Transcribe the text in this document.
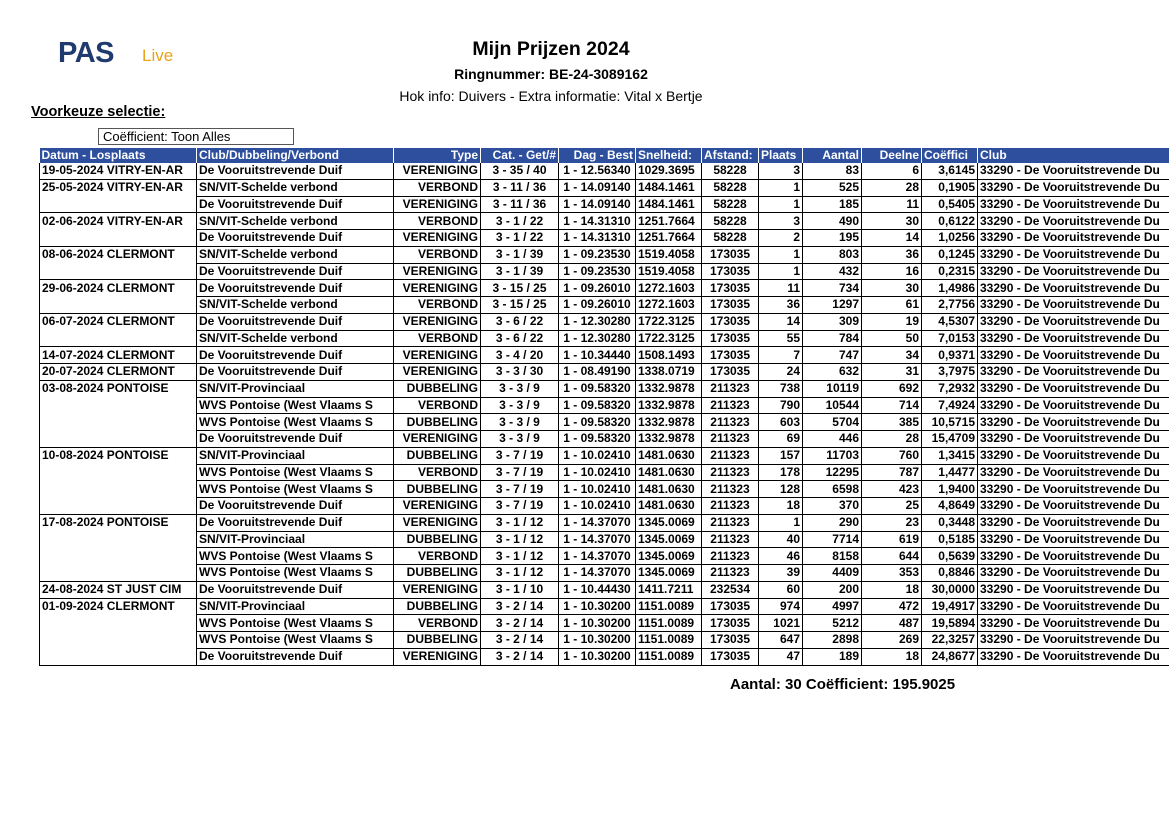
PAS Live	Mijn Prijzen 2024
Ringnummer: BE-24-3089162
Hok info: Duivers - Extra informatie: Vital x Bertje
Voorkeuze selectie:
Coëfficient: Toon Alles
Datum - Losplaats	Club/Dubbeling/Verbond	Type	Cat. - Get/#	Dag - Best	Snelheid:	Afstand:	Plaats	Aantal	Deelne	Coëffici	Club
19-05-2024 VITRY-EN-AR	De Vooruitstrevende Duif	VERENIGING	3 - 35 / 40	1 - 12.56340	1029.3695	58228	3	83	6	3,6145	33290 - De Vooruitstrevende Du
25-05-2024 VITRY-EN-AR	SN/VIT-Schelde verbond	VERBOND	3 - 11 / 36	1 - 14.09140	1484.1461	58228	1	525	28	0,1905	33290 - De Vooruitstrevende Du
	De Vooruitstrevende Duif	VERENIGING	3 - 11 / 36	1 - 14.09140	1484.1461	58228	1	185	11	0,5405	33290 - De Vooruitstrevende Du
02-06-2024 VITRY-EN-AR	SN/VIT-Schelde verbond	VERBOND	3 - 1 / 22	1 - 14.31310	1251.7664	58228	3	490	30	0,6122	33290 - De Vooruitstrevende Du
	De Vooruitstrevende Duif	VERENIGING	3 - 1 / 22	1 - 14.31310	1251.7664	58228	2	195	14	1,0256	33290 - De Vooruitstrevende Du
08-06-2024 CLERMONT	SN/VIT-Schelde verbond	VERBOND	3 - 1 / 39	1 - 09.23530	1519.4058	173035	1	803	36	0,1245	33290 - De Vooruitstrevende Du
	De Vooruitstrevende Duif	VERENIGING	3 - 1 / 39	1 - 09.23530	1519.4058	173035	1	432	16	0,2315	33290 - De Vooruitstrevende Du
29-06-2024 CLERMONT	De Vooruitstrevende Duif	VERENIGING	3 - 15 / 25	1 - 09.26010	1272.1603	173035	11	734	30	1,4986	33290 - De Vooruitstrevende Du
	SN/VIT-Schelde verbond	VERBOND	3 - 15 / 25	1 - 09.26010	1272.1603	173035	36	1297	61	2,7756	33290 - De Vooruitstrevende Du
06-07-2024 CLERMONT	De Vooruitstrevende Duif	VERENIGING	3 - 6 / 22	1 - 12.30280	1722.3125	173035	14	309	19	4,5307	33290 - De Vooruitstrevende Du
	SN/VIT-Schelde verbond	VERBOND	3 - 6 / 22	1 - 12.30280	1722.3125	173035	55	784	50	7,0153	33290 - De Vooruitstrevende Du
14-07-2024 CLERMONT	De Vooruitstrevende Duif	VERENIGING	3 - 4 / 20	1 - 10.34440	1508.1493	173035	7	747	34	0,9371	33290 - De Vooruitstrevende Du
20-07-2024 CLERMONT	De Vooruitstrevende Duif	VERENIGING	3 - 3 / 30	1 - 08.49190	1338.0719	173035	24	632	31	3,7975	33290 - De Vooruitstrevende Du
03-08-2024 PONTOISE	SN/VIT-Provinciaal	DUBBELING	3 - 3 / 9	1 - 09.58320	1332.9878	211323	738	10119	692	7,2932	33290 - De Vooruitstrevende Du
	WVS Pontoise (West Vlaams S	VERBOND	3 - 3 / 9	1 - 09.58320	1332.9878	211323	790	10544	714	7,4924	33290 - De Vooruitstrevende Du
	WVS Pontoise (West Vlaams S	DUBBELING	3 - 3 / 9	1 - 09.58320	1332.9878	211323	603	5704	385	10,5715	33290 - De Vooruitstrevende Du
	De Vooruitstrevende Duif	VERENIGING	3 - 3 / 9	1 - 09.58320	1332.9878	211323	69	446	28	15,4709	33290 - De Vooruitstrevende Du
10-08-2024 PONTOISE	SN/VIT-Provinciaal	DUBBELING	3 - 7 / 19	1 - 10.02410	1481.0630	211323	157	11703	760	1,3415	33290 - De Vooruitstrevende Du
	WVS Pontoise (West Vlaams S	VERBOND	3 - 7 / 19	1 - 10.02410	1481.0630	211323	178	12295	787	1,4477	33290 - De Vooruitstrevende Du
	WVS Pontoise (West Vlaams S	DUBBELING	3 - 7 / 19	1 - 10.02410	1481.0630	211323	128	6598	423	1,9400	33290 - De Vooruitstrevende Du
	De Vooruitstrevende Duif	VERENIGING	3 - 7 / 19	1 - 10.02410	1481.0630	211323	18	370	25	4,8649	33290 - De Vooruitstrevende Du
17-08-2024 PONTOISE	De Vooruitstrevende Duif	VERENIGING	3 - 1 / 12	1 - 14.37070	1345.0069	211323	1	290	23	0,3448	33290 - De Vooruitstrevende Du
	SN/VIT-Provinciaal	DUBBELING	3 - 1 / 12	1 - 14.37070	1345.0069	211323	40	7714	619	0,5185	33290 - De Vooruitstrevende Du
	WVS Pontoise (West Vlaams S	VERBOND	3 - 1 / 12	1 - 14.37070	1345.0069	211323	46	8158	644	0,5639	33290 - De Vooruitstrevende Du
	WVS Pontoise (West Vlaams S	DUBBELING	3 - 1 / 12	1 - 14.37070	1345.0069	211323	39	4409	353	0,8846	33290 - De Vooruitstrevende Du
24-08-2024 ST JUST CIM	De Vooruitstrevende Duif	VERENIGING	3 - 1 / 10	1 - 10.44430	1411.7211	232534	60	200	18	30,0000	33290 - De Vooruitstrevende Du
01-09-2024 CLERMONT	SN/VIT-Provinciaal	DUBBELING	3 - 2 / 14	1 - 10.30200	1151.0089	173035	974	4997	472	19,4917	33290 - De Vooruitstrevende Du
	WVS Pontoise (West Vlaams S	VERBOND	3 - 2 / 14	1 - 10.30200	1151.0089	173035	1021	5212	487	19,5894	33290 - De Vooruitstrevende Du
	WVS Pontoise (West Vlaams S	DUBBELING	3 - 2 / 14	1 - 10.30200	1151.0089	173035	647	2898	269	22,3257	33290 - De Vooruitstrevende Du
	De Vooruitstrevende Duif	VERENIGING	3 - 2 / 14	1 - 10.30200	1151.0089	173035	47	189	18	24,8677	33290 - De Vooruitstrevende Du
Aantal: 30 Coëfficient: 195.9025
